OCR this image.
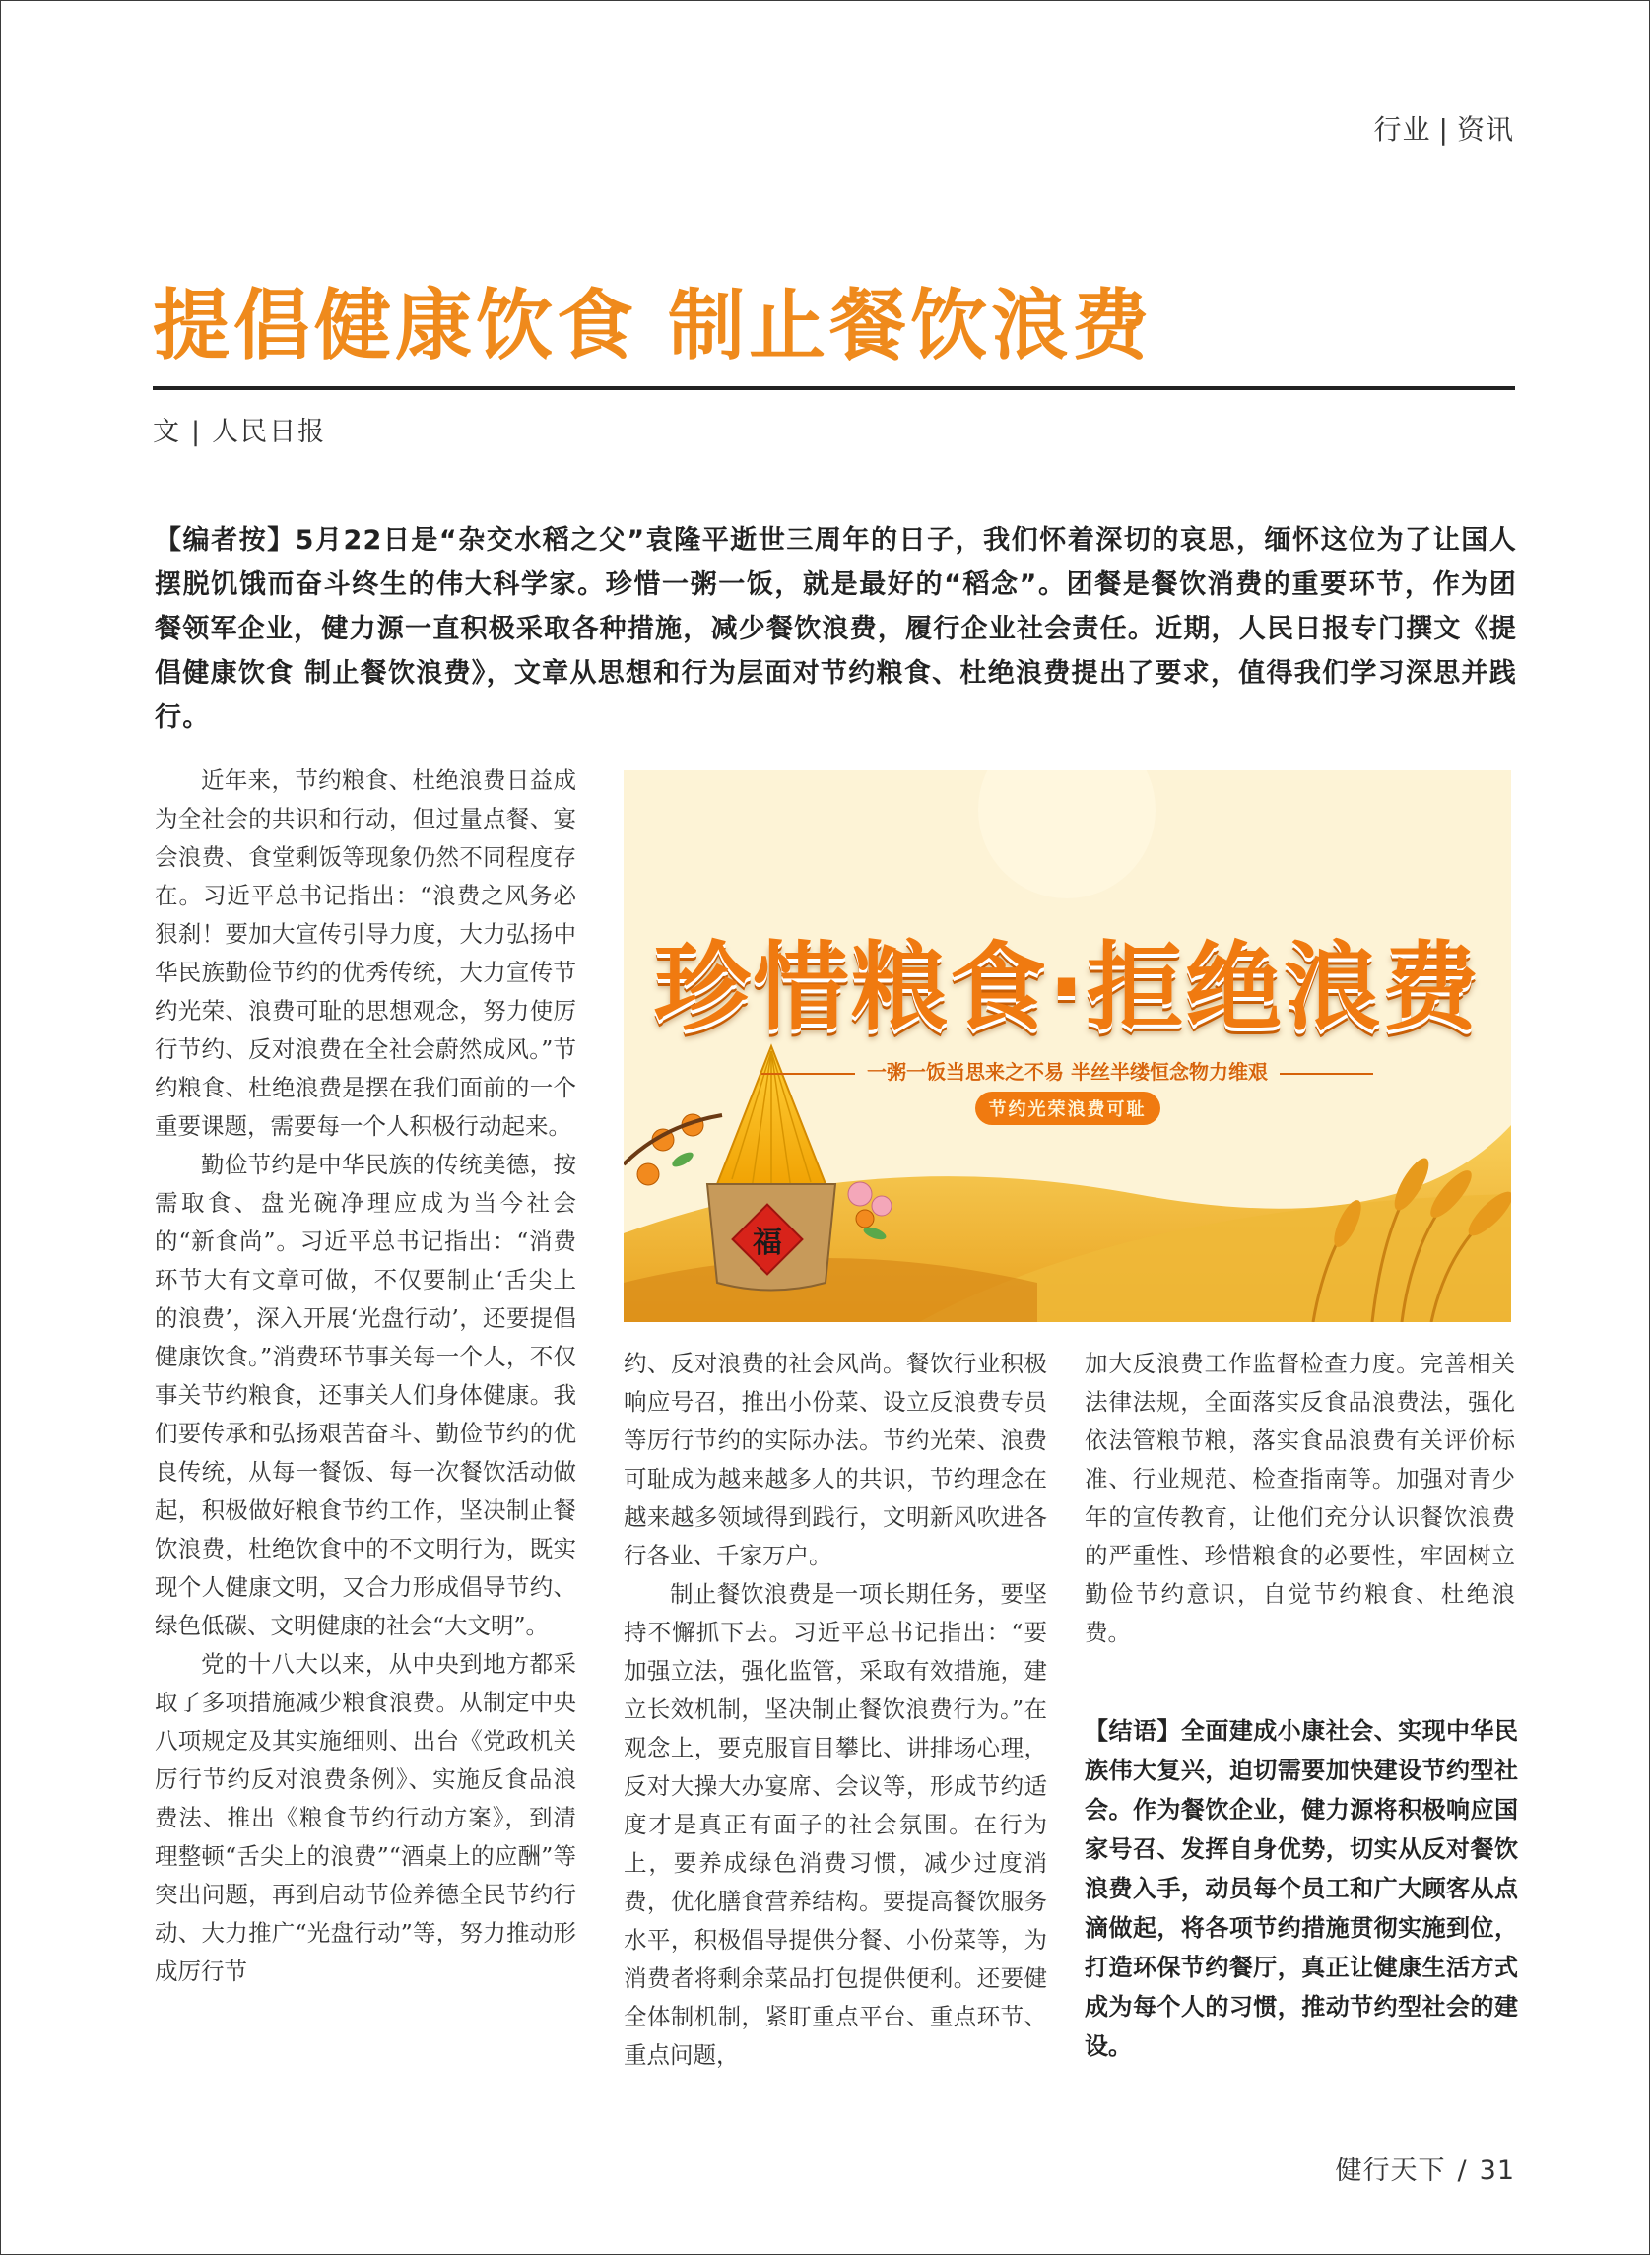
行业 | 资讯
提倡健康饮食 制止餐饮浪费
文 | 人民日报
【编者按】5月22日是“杂交水稻之父”袁隆平逝世三周年的日子，我们怀着深切的哀思，缅怀这位为了让国人摆脱饥饿而奋斗终生的伟大科学家。珍惜一粥一饭，就是最好的“稻念”。团餐是餐饮消费的重要环节，作为团餐领军企业，健力源一直积极采取各种措施，减少餐饮浪费，履行企业社会责任。近期，人民日报专门撰文《提倡健康饮食 制止餐饮浪费》，文章从思想和行为层面对节约粮食、杜绝浪费提出了要求，值得我们学习深思并践行。

近年来，节约粮食、杜绝浪费日益成为全社会的共识和行动，但过量点餐、宴会浪费、食堂剩饭等现象仍然不同程度存在。习近平总书记指出：“浪费之风务必狠刹！要加大宣传引导力度，大力弘扬中华民族勤俭节约的优秀传统，大力宣传节约光荣、浪费可耻的思想观念，努力使厉行节约、反对浪费在全社会蔚然成风。”节约粮食、杜绝浪费是摆在我们面前的一个重要课题，需要每一个人积极行动起来。

勤俭节约是中华民族的传统美德，按需取食、盘光碗净理应成为当今社会的“新食尚”。习近平总书记指出：“消费环节大有文章可做，不仅要制止‘舌尖上的浪费’，深入开展‘光盘行动’，还要提倡健康饮食。”消费环节事关每一个人，不仅事关节约粮食，还事关人们身体健康。我们要传承和弘扬艰苦奋斗、勤俭节约的优良传统，从每一餐饭、每一次餐饮活动做起，积极做好粮食节约工作，坚决制止餐饮浪费，杜绝饮食中的不文明行为，既实现个人健康文明，又合力形成倡导节约、绿色低碳、文明健康的社会“大文明”。

党的十八大以来，从中央到地方都采取了多项措施减少粮食浪费。从制定中央八项规定及其实施细则、出台《党政机关厉行节约反对浪费条例》、实施反食品浪费法、推出《粮食节约行动方案》，到清理整顿“舌尖上的浪费”“酒桌上的应酬”等突出问题，再到启动节俭养德全民节约行动、大力推广“光盘行动”等，努力推动形成厉行节

珍惜粮食·拒绝浪费
一粥一饭当思来之不易 半丝半缕恒念物力维艰
节约光荣浪费可耻
福

约、反对浪费的社会风尚。餐饮行业积极响应号召，推出小份菜、设立反浪费专员等厉行节约的实际办法。节约光荣、浪费可耻成为越来越多人的共识，节约理念在越来越多领域得到践行，文明新风吹进各行各业、千家万户。

制止餐饮浪费是一项长期任务，要坚持不懈抓下去。习近平总书记指出：“要加强立法，强化监管，采取有效措施，建立长效机制，坚决制止餐饮浪费行为。”在观念上，要克服盲目攀比、讲排场心理，反对大操大办宴席、会议等，形成节约适度才是真正有面子的社会氛围。在行为上，要养成绿色消费习惯，减少过度消费，优化膳食营养结构。要提高餐饮服务水平，积极倡导提供分餐、小份菜等，为消费者将剩余菜品打包提供便利。还要健全体制机制，紧盯重点平台、重点环节、重点问题，

加大反浪费工作监督检查力度。完善相关法律法规，全面落实反食品浪费法，强化依法管粮节粮，落实食品浪费有关评价标准、行业规范、检查指南等。加强对青少年的宣传教育，让他们充分认识餐饮浪费的严重性、珍惜粮食的必要性，牢固树立勤俭节约意识，自觉节约粮食、杜绝浪费。

【结语】全面建成小康社会、实现中华民族伟大复兴，迫切需要加快建设节约型社会。作为餐饮企业，健力源将积极响应国家号召、发挥自身优势，切实从反对餐饮浪费入手，动员每个员工和广大顾客从点滴做起，将各项节约措施贯彻实施到位，打造环保节约餐厅，真正让健康生活方式成为每个人的习惯，推动节约型社会的建设。
健行天下 / 31
